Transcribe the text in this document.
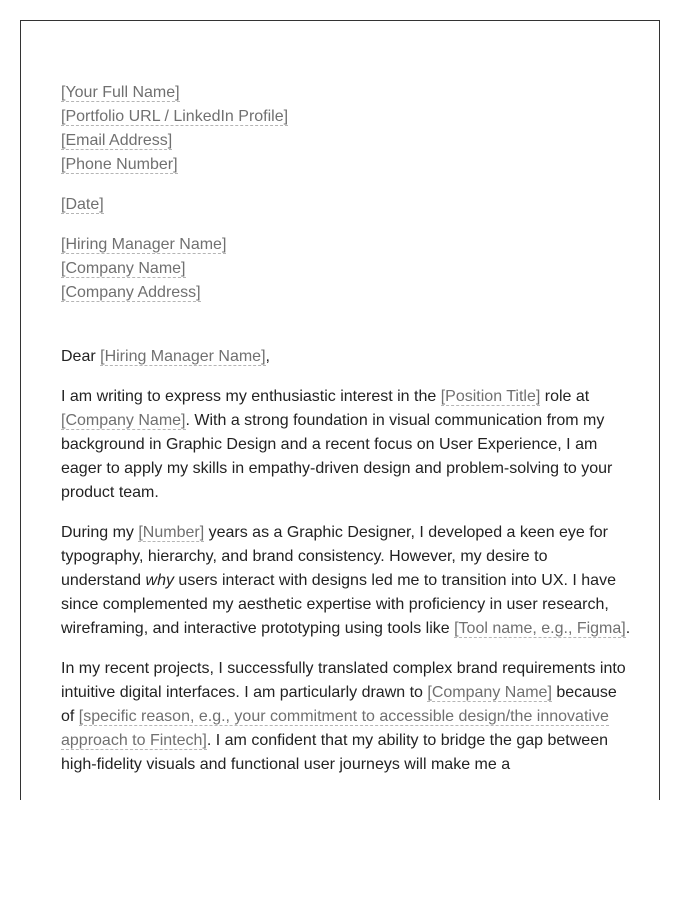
[Your Full Name]
[Portfolio URL / LinkedIn Profile]
[Email Address]
[Phone Number]
[Date]
[Hiring Manager Name]
[Company Name]
[Company Address]

Dear [Hiring Manager Name],

I am writing to express my enthusiastic interest in the [Position Title] role at [Company Name]. With a strong foundation in visual communication from my background in Graphic Design and a recent focus on User Experience, I am eager to apply my skills in empathy-driven design and problem-solving to your product team.

During my [Number] years as a Graphic Designer, I developed a keen eye for typography, hierarchy, and brand consistency. However, my desire to understand why users interact with designs led me to transition into UX. I have since complemented my aesthetic expertise with proficiency in user research, wireframing, and interactive prototyping using tools like [Tool name, e.g., Figma].

In my recent projects, I successfully translated complex brand requirements into intuitive digital interfaces. I am particularly drawn to [Company Name] because of [specific reason, e.g., your commitment to accessible design/the innovative approach to Fintech]. I am confident that my ability to bridge the gap between high-fidelity visuals and functional user journeys will make me a
